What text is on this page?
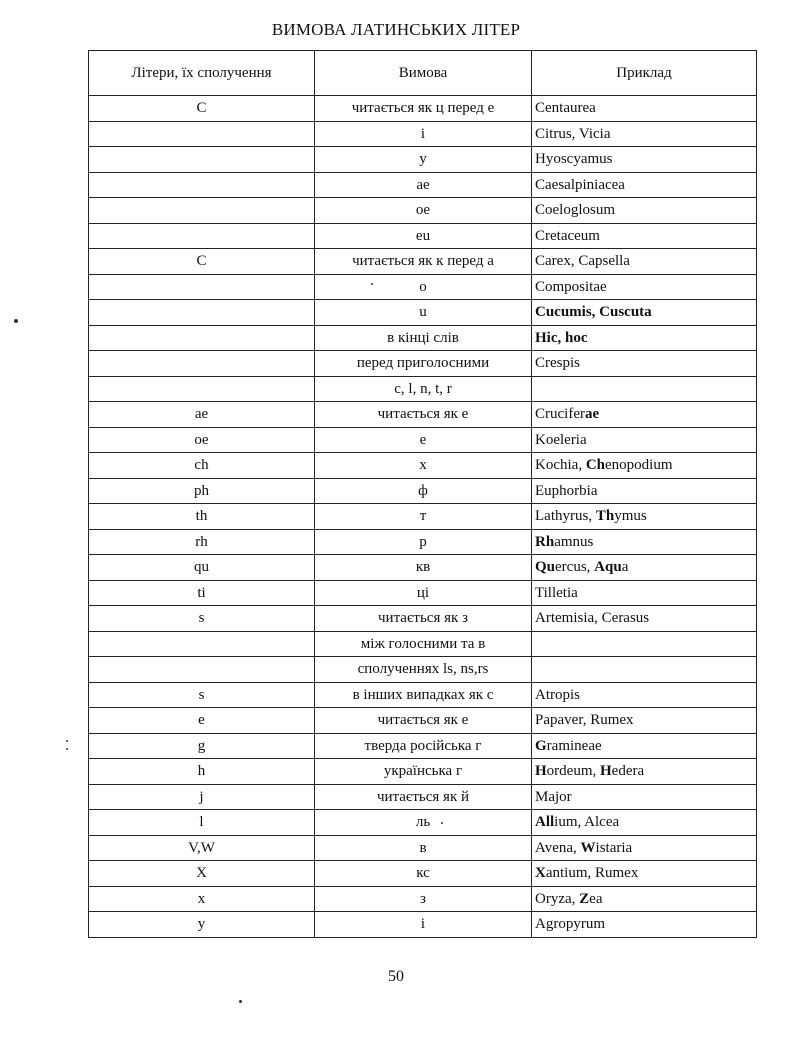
ВИМОВА ЛАТИНСЬКИХ ЛІТЕР
Літери, їх сполучення	Вимова	Приклад
C	читається як ц перед е	Centaurea
	i	Citrus, Vicia
	y	Hyoscyamus
	ae	Caesalpiniacea
	oe	Coeloglosum
	eu	Cretaceum
C	читається як к перед а	Carex, Capsella
	o	Compositae
	u	Cucumis, Cuscuta
	в кінці слів	Hic, hoc
	перед приголосними	Crespis
	c, l, n, t, r	
ae	читається як е	Cruciferae
oe	е	Koeleria
ch	х	Kochia, Chenopodium
ph	ф	Euphorbia
th	т	Lathyrus, Thymus
rh	р	Rhamnus
qu	кв	Quercus, Aqua
ti	ці	Tilletia
s	читається як з	Artemisia, Cerasus
	між голосними та в	
	сполученнях ls, ns,rs	
s	в інших випадках як с	Atropis
e	читається як е	Papaver, Rumex
g	тверда російська г	Gramineae
h	українська г	Hordeum, Hedera
j	читається як й	Major
l	ль	Allium, Alcea
V,W	в	Avena, Wistaria
X	кс	Xantium, Rumex
x	з	Oryza, Zea
y	i	Agropyrum
50
